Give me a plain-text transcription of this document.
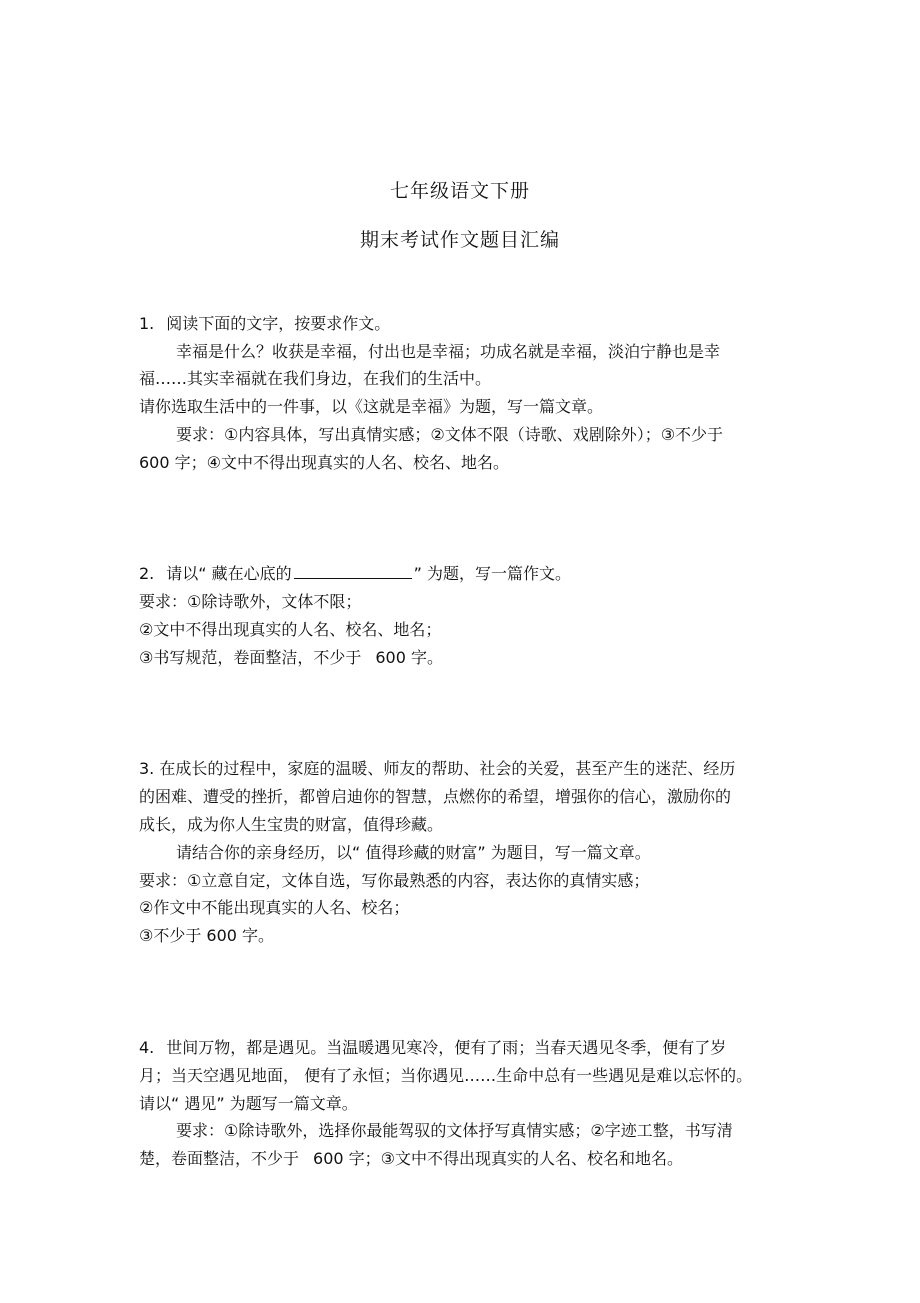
七年级语文下册
期末考试作文题目汇编
1. 阅读下面的文字，按要求作文。
幸福是什么？收获是幸福，付出也是幸福；功成名就是幸福，淡泊宁静也是幸
福……其实幸福就在我们身边，在我们的生活中。
请你选取生活中的一件事，以《这就是幸福》为题，写一篇文章。
要求：①内容具体，写出真情实感；②文体不限（诗歌、戏剧除外）；③不少于
600 字；④文中不得出现真实的人名、校名、地名。
2. 请以“ 藏在心底的	” 为题，写一篇作文。
要求：①除诗歌外，文体不限；
②文中不得出现真实的人名、校名、地名；
③书写规范，卷面整洁，不少于 600 字。
3. 在成长的过程中，家庭的温暖、师友的帮助、社会的关爱，甚至产生的迷茫、经历
的困难、遭受的挫折，都曾启迪你的智慧，点燃你的希望，增强你的信心，激励你的
成长，成为你人生宝贵的财富，值得珍藏。
请结合你的亲身经历，以“ 值得珍藏的财富” 为题目，写一篇文章。
要求：①立意自定，文体自选，写你最熟悉的内容，表达你的真情实感；
②作文中不能出现真实的人名、校名；
③不少于 600 字。
4. 世间万物，都是遇见。当温暖遇见寒冷，便有了雨；当春天遇见冬季，便有了岁
月；当天空遇见地面， 便有了永恒；当你遇见……生命中总有一些遇见是难以忘怀的。
请以“ 遇见” 为题写一篇文章。
要求：①除诗歌外，选择你最能驾驭的文体抒写真情实感；②字迹工整，书写清
楚，卷面整洁，不少于 600 字；③文中不得出现真实的人名、校名和地名。
